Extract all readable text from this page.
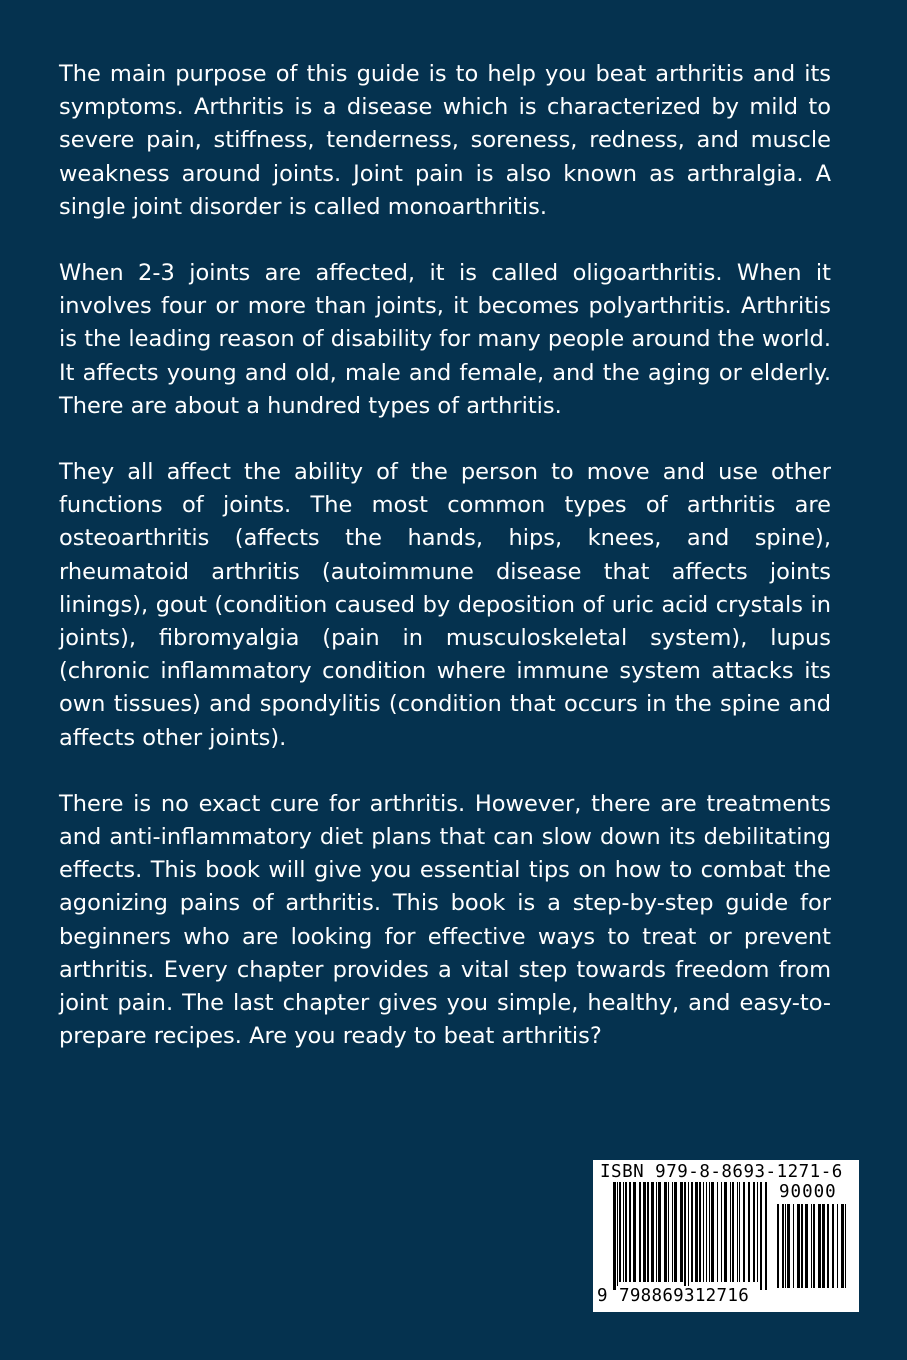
The main purpose of this guide is to help you beat arthritis and its symptoms. Arthritis is a disease which is characterized by mild to severe pain, stiffness, tenderness, soreness, redness, and muscle weakness around joints. Joint pain is also known as arthralgia. A single joint disorder is called monoarthritis.

When 2-3 joints are affected, it is called oligoarthritis. When it involves four or more than joints, it becomes polyarthritis. Arthritis is the leading reason of disability for many people around the world. It affects young and old, male and female, and the aging or elderly. There are about a hundred types of arthritis.

They all affect the ability of the person to move and use other functions of joints. The most common types of arthritis are osteoarthritis (affects the hands, hips, knees, and spine), rheumatoid arthritis (autoimmune disease that affects joints linings), gout (condition caused by deposition of uric acid crystals in joints), fibromyalgia (pain in musculoskeletal system), lupus (chronic inflammatory condition where immune system attacks its own tissues) and spondylitis (condition that occurs in the spine and affects other joints).

There is no exact cure for arthritis. However, there are treatments and anti-inflammatory diet plans that can slow down its debilitating effects. This book will give you essential tips on how to combat the agonizing pains of arthritis. This book is a step-by-step guide for beginners who are looking for effective ways to treat or prevent arthritis. Every chapter provides a vital step towards freedom from joint pain. The last chapter gives you simple, healthy, and easy-to-prepare recipes. Are you ready to beat arthritis?

ISBN 979-8-8693-1271-6
90000
9 798869312716
